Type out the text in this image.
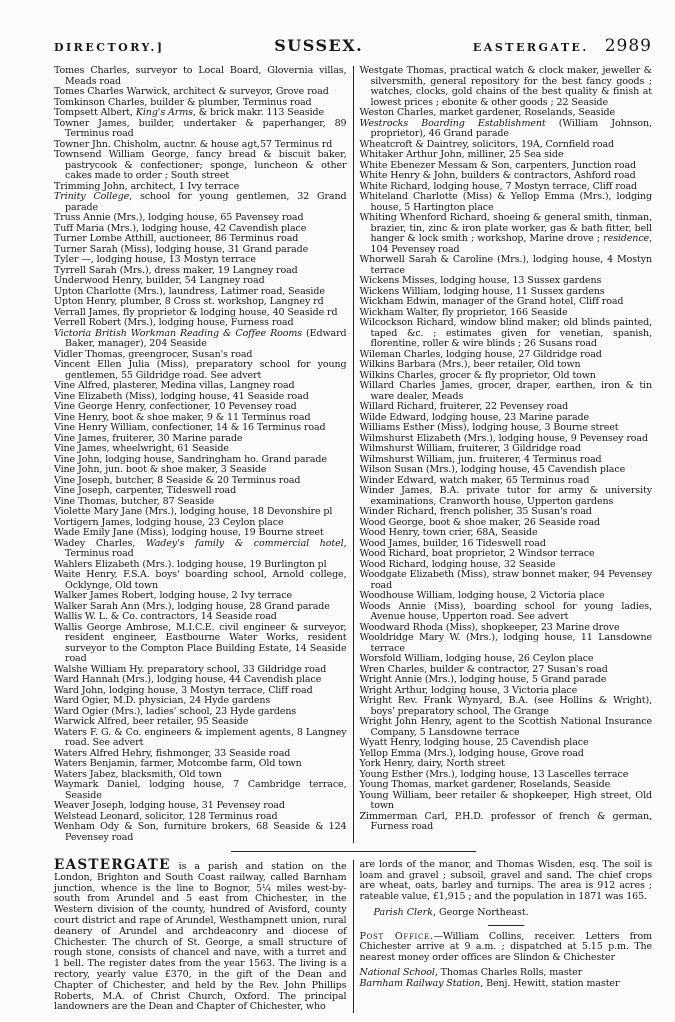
DIRECTORY.]	SUSSEX.	EASTERGATE. 2989
Tomes Charles, surveyor to Local Board, Glovernia villas, Meads road
Tomes Charles Warwick, architect & surveyor, Grove road
Tomkinson Charles, builder & plumber, Terminus road
Tompsett Albert, King's Arms, & brick makr. 113 Seaside
Towner James, builder, undertaker & paperhanger, 89 Terminus road
Towner Jhn. Chisholm, auctnr. & house agt,57 Terminus rd
Townsend William George, fancy bread & biscuit baker, pastrycook & confectioner; sponge, luncheon & other cakes made to order ; South street
Trimming John, architect, 1 Ivy terrace
Trinity College, school for young gentlemen, 32 Grand parade
Truss Annie (Mrs.), lodging house, 65 Pavensey road
Tuff Maria (Mrs.), lodging house, 42 Cavendish place
Turner Lombe Atthill, auctioneer, 86 Terminus road
Turner Sarah (Miss), lodging house, 31 Grand parade
Tyler —, lodging house, 13 Mostyn terrace
Tyrrell Sarah (Mrs.), dress maker, 19 Langney road
Underwood Henry, builder, 54 Langney road
Upton Charlotte (Mrs.), laundress, Latimer road, Seaside
Upton Henry, plumber, 8 Cross st. workshop, Langney rd
Verrall James, fly proprietor & lodging house, 40 Seaside rd
Verrell Robert (Mrs.), lodging house, Furness road
Victoria British Workman Reading & Coffee Rooms (Edward Baker, manager), 204 Seaside
Vidler Thomas, greengrocer, Susan's road
Vincent Ellen Julia (Miss), preparatory school for young gentlemen, 55 Gildridge road. See advert
Vine Alfred, plasterer, Medina villas, Langney road
Vine Elizabeth (Miss), lodging house, 41 Seaside road
Vine George Henry, confectioner, 10 Pevensey road
Vine Henry, boot & shoe maker, 9 & 11 Terminus road
Vine Henry William, confectioner, 14 & 16 Terminus road
Vine James, fruiterer, 30 Marine parade
Vine James, wheelwright, 61 Seaside
Vine John, lodging house, Sandringham ho. Grand parade
Vine John, jun. boot & shoe maker, 3 Seaside
Vine Joseph, butcher, 8 Seaside & 20 Terminus road
Vine Joseph, carpenter, Tideswell road
Vine Thomas, butcher, 87 Seaside
Violette Mary Jane (Mrs.), lodging house, 18 Devonshire pl
Vortigern James, lodging house, 23 Ceylon place
Wade Emily Jane (Miss), lodging house, 19 Bourne street
Wadey Charles, Wadey's family & commercial hotel, Terminus road
Wahlers Elizabeth (Mrs.). lodging house, 19 Burlington pl
Waite Henry, F.S.A. boys' boarding school, Arnold college, Ocklynge, Old town
Walker James Robert, lodging house, 2 Ivy terrace
Walker Sarah Ann (Mrs.), lodging house, 28 Grand parade
Wallis W. L. & Co. contractors, 14 Seaside road
Wallis George Ambrose, M.I.C.E. civil engineer & surveyor, resident engineer, Eastbourne Water Works, resident surveyor to the Compton Place Building Estate, 14 Seaside road
Walshe William Hy. preparatory school, 33 Gildridge road
Ward Hannah (Mrs.), lodging house, 44 Cavendish place
Ward John, lodging house, 3 Mostyn terrace, Cliff road
Ward Ogier, M.D. physician, 24 Hyde gardens
Ward Ogier (Mrs.), ladies' school, 23 Hyde gardens
Warwick Alfred, beer retailer, 95 Seaside
Waters F. G. & Co. engineers & implement agents, 8 Langney road. See advert
Waters Alfred Hehry, fishmonger, 33 Seaside road
Waters Benjamin, farmer, Motcombe farm, Old town
Waters Jabez, blacksmith, Old town
Waymark Daniel, lodging house, 7 Cambridge terrace, Seaside
Weaver Joseph, lodging house, 31 Pevensey road
Welstead Leonard, solicitor, 128 Terminus road
Wenham Ody & Son, furniture brokers, 68 Seaside & 124 Pevensey road
Westgate Thomas, practical watch & clock maker, jeweller & silversmith, general repository for the best fancy goods ; watches, clocks, gold chains of the best quality & finish at lowest prices ; ebonite & other goods ; 22 Seaside
Weston Charles, market gardener, Roselands, Seaside
Westrocks Boarding Establishment (William Johnson, proprietor), 46 Grand parade
Wheatcroft & Daintrey, solicitors, 19A, Cornfield road
Whitaker Arthur John, milliner, 25 Sea side
White Ebenezer Messam & Son, carpenters, Junction road
White Henry & John, builders & contractors, Ashford road
White Richard, lodging house, 7 Mostyn terrace, Cliff road
Whiteland Charlotte (Miss) & Yellop Emma (Mrs.), lodging house, 5 Hartington place
Whiting Whenford Richard, shoeing & general smith, tinman, brazier, tin, zinc & iron plate worker, gas & bath fitter, bell hanger & lock smith ; workshop, Marine drove ; residence, 104 Pevensey road
Whorwell Sarah & Caroline (Mrs.), lodging house, 4 Mostyn terrace
Wickens Misses, lodging house, 13 Sussex gardens
Wickens William, lodging house, 11 Sussex gardens
Wickham Edwin, manager of the Grand hotel, Cliff road
Wickham Walter, fly proprietor, 166 Seaside
Wilcockson Richard, window blind maker; old blinds painted, taped &c. ; estimates given for venetian, spanish, florentine, roller & wire blinds ; 26 Susans road
Wileman Charles, lodging house, 27 Gildridge road
Wilkins Barbara (Mrs.), beer retailer, Old town
Wilkins Charles, grocer & fly proprietor, Old town
Willard Charles James, grocer, draper, earthen, iron & tin ware dealer, Meads
Willard Richard, fruiterer, 22 Pevensey road
Wilde Edward, lodging house, 23 Marine parade
Williams Esther (Miss), lodging house, 3 Bourne street
Wilmshurst Elizabeth (Mrs.), lodging house, 9 Pevensey road
Wilmshurst William, fruiterer, 3 Gildridge road
Wilmshurst William, jun. fruiterer, 4 Terminus road
Wilson Susan (Mrs.), lodging house, 45 Cavendish place
Winder Edward, watch maker, 65 Terminus road
Winder James, B.A. private tutor for army & university examinations, Cranworth house, Upperton gardens
Winder Richard, french polisher, 35 Susan's road
Wood George, boot & shoe maker, 26 Seaside road
Wood Henry, town crier, 68A, Seaside
Wood James, builder, 16 Tideswell road
Wood Richard, boat proprietor, 2 Windsor terrace
Wood Richard, lodging house, 32 Seaside
Woodgate Elizabeth (Miss), straw bonnet maker, 94 Pevensey road
Woodhouse William, lodging house, 2 Victoria place
Woods Annie (Miss), boarding school for young ladies, Avenue house, Upperton road. See advert
Woodward Rhoda (Miss), shopkeeper, 23 Marine drove
Wooldridge Mary W. (Mrs.), lodging house, 11 Lansdowne terrace
Worsfold William, lodging house, 26 Ceylon place
Wren Charles, builder & contractor, 27 Susan's road
Wright Annie (Mrs.), lodging house, 5 Grand parade
Wright Arthur, lodging house, 3 Victoria place
Wright Rev. Frank Wynyard, B.A. (see Hollins & Wright), boys' preparatory school, The Grange
Wright John Henry, agent to the Scottish National Insurance Company, 5 Lansdowne terrace
Wyatt Henry, lodging house, 25 Cavendish place
Yellop Emma (Mrs.), lodging house, Grove road
York Henry, dairy, North street
Young Esther (Mrs.), lodging house, 13 Lascelles terrace
Young Thomas, market gardener, Roselands, Seaside
Young William, beer retailer & shopkeeper, High street, Old town
Zimmerman Carl, P.H.D. professor of french & german, Furness road

EASTERGATE is a parish and station on the London, Brighton and South Coast railway, called Barnham junction, whence is the line to Bognor, 5¼ miles west-by-south from Arundel and 5 east from Chichester, in the Western division of the county, hundred of Avisford, county court district and rape of Arundel, Westhampnett union, rural deanery of Arundel and archdeaconry and diocese of Chichester. The church of St. George, a small structure of rough stone, consists of chancel and nave, with a turret and 1 bell. The register dates from the year 1563. The living is a rectory, yearly value £370, in the gift of the Dean and Chapter of Chichester, and held by the Rev. John Phillips Roberts, M.A. of Christ Church, Oxford. The principal landowners are the Dean and Chapter of Chichester, who

are lords of the manor, and Thomas Wisden, esq. The soil is loam and gravel ; subsoil, gravel and sand. The chief crops are wheat, oats, barley and turnips. The area is 912 acres ; rateable value, £1,915 ; and the population in 1871 was 165.

Parish Clerk, George Northeast.

Post Office.—William Collins, receiver. Letters from Chichester arrive at 9 a.m. ; dispatched at 5.15 p.m. The nearest money order offices are Slindon & Chichester

National School, Thomas Charles Rolls, master
Barnham Railway Station, Benj. Hewitt, station master
